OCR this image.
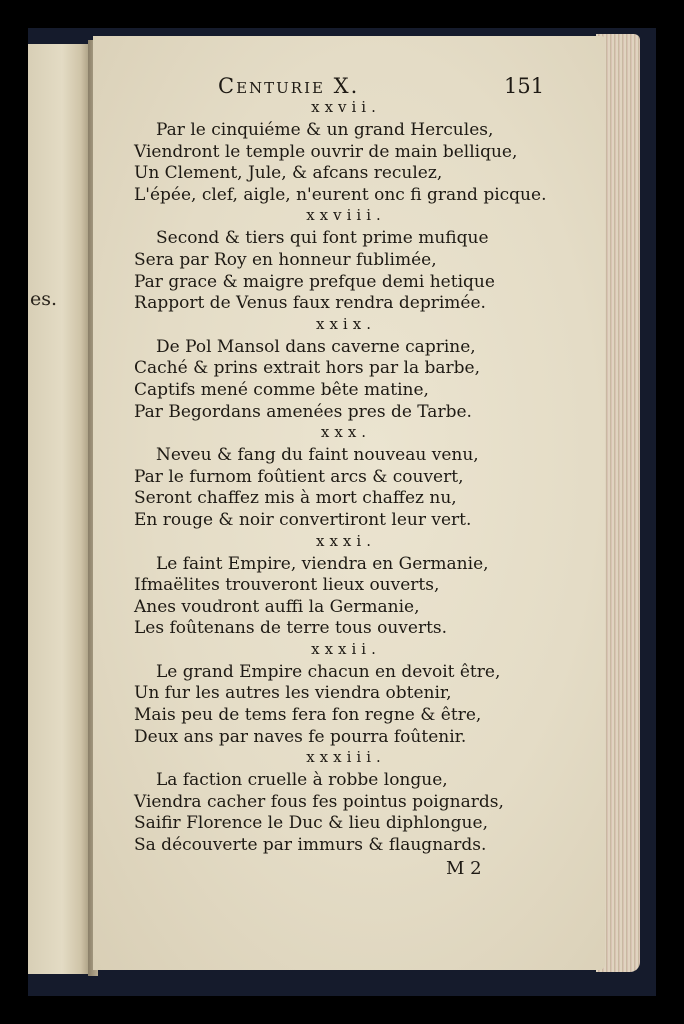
es.
Centurie X.	151
xxvii.
Par le cinquiéme & un grand Hercules,
Viendront le temple ouvrir de main bellique,
Un Clement, Jule, & afcans reculez,
L'épée, clef, aigle, n'eurent onc fi grand picque.
xxviii.
Second & tiers qui font prime mufique
Sera par Roy en honneur fublimée,
Par grace & maigre prefque demi hetique
Rapport de Venus faux rendra deprimée.
xxix.
De Pol Mansol dans caverne caprine,
Caché & prins extrait hors par la barbe,
Captifs mené comme bête matine,
Par Begordans amenées pres de Tarbe.
xxx.
Neveu & fang du faint nouveau venu,
Par le furnom foûtient arcs & couvert,
Seront chaffez mis à mort chaffez nu,
En rouge & noir convertiront leur vert.
xxxi.
Le faint Empire, viendra en Germanie,
Ifmaëlites trouveront lieux ouverts,
Anes voudront auffi la Germanie,
Les foûtenans de terre tous ouverts.
xxxii.
Le grand Empire chacun en devoit être,
Un fur les autres les viendra obtenir,
Mais peu de tems fera fon regne & être,
Deux ans par naves fe pourra foûtenir.
xxxiii.
La faction cruelle à robbe longue,
Viendra cacher fous fes pointus poignards,
Saifir Florence le Duc & lieu diphlongue,
Sa découverte par immurs & flaugnards.
M 2
